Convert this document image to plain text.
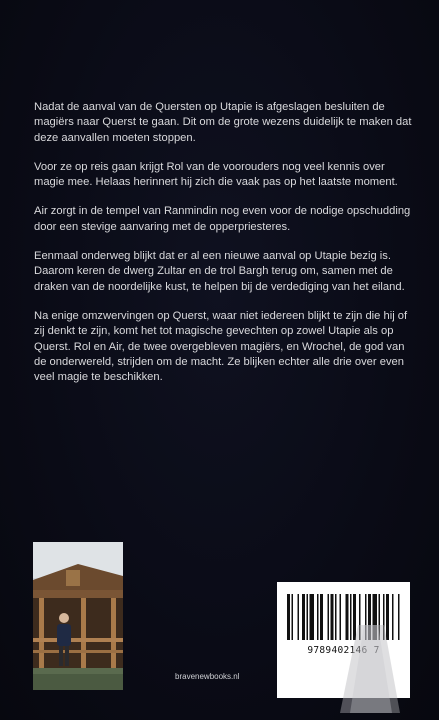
Nadat de aanval van de Quersten op Utapie is afgeslagen besluiten de magiërs naar Querst te gaan. Dit om de grote wezens duidelijk te maken dat deze aanvallen moeten stoppen.

Voor ze op reis gaan krijgt Rol van de voorouders nog veel kennis over magie mee. Helaas herinnert hij zich die vaak pas op het laatste moment.

Air zorgt in de tempel van Ranmindin nog even voor de nodige opschudding door een stevige aanvaring met de opperpriesteres.

Eenmaal onderweg blijkt dat er al een nieuwe aanval op Utapie bezig is. Daarom keren de dwerg Zultar en de trol Bargh terug om, samen met de draken van de noordelijke kust, te helpen bij de verdediging van het eiland.

Na enige omzwervingen op Querst, waar niet iedereen blijkt te zijn die hij of zij denkt te zijn, komt het tot magische gevechten op zowel Utapie als op Querst. Rol en Air, de twee overgebleven magiërs, en Wrochel, de god van de onderwereld, strijden om de macht. Ze blijken echter alle drie over even veel magie te beschikken.

bravenewbooks.nl
9789402146 7
